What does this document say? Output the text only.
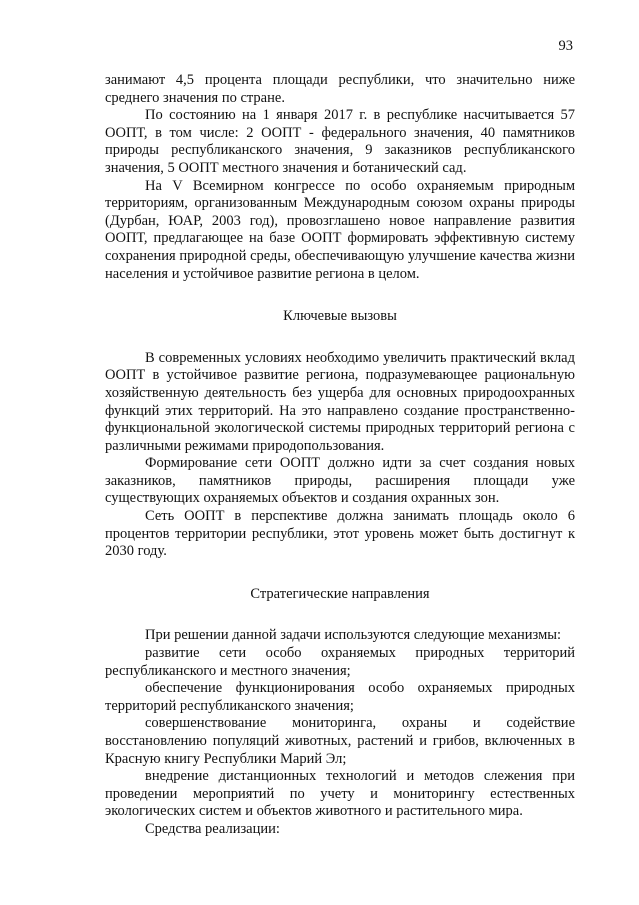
93

занимают 4,5 процента площади республики, что значительно ниже среднего значения по стране.

По состоянию на 1 января 2017 г. в республике насчитывается 57 ООПТ, в том числе: 2 ООПТ - федерального значения, 40 памятников природы республиканского значения, 9 заказников республиканского значения, 5 ООПТ местного значения и ботанический сад.

На V Всемирном конгрессе по особо охраняемым природным территориям, организованным Международным союзом охраны природы (Дурбан, ЮАР, 2003 год), провозглашено новое направление развития ООПТ, предлагающее на базе ООПТ формировать эффективную систему сохранения природной среды, обеспечивающую улучшение качества жизни населения и устойчивое развитие региона в целом.

Ключевые вызовы

В современных условиях необходимо увеличить практический вклад ООПТ в устойчивое развитие региона, подразумевающее рациональную хозяйственную деятельность без ущерба для основных природоохранных функций этих территорий. На это направлено создание пространственно-функциональной экологической системы природных территорий региона с различными режимами природопользования.

Формирование сети ООПТ должно идти за счет создания новых заказников, памятников природы, расширения площади уже существующих охраняемых объектов и создания охранных зон.

Сеть ООПТ в перспективе должна занимать площадь около 6 процентов территории республики, этот уровень может быть достигнут к 2030 году.

Стратегические направления

При решении данной задачи используются следующие механизмы:

развитие сети особо охраняемых природных территорий республиканского и местного значения;

обеспечение функционирования особо охраняемых природных территорий республиканского значения;

совершенствование мониторинга, охраны и содействие восстановлению популяций животных, растений и грибов, включенных в Красную книгу Республики Марий Эл;

внедрение дистанционных технологий и методов слежения при проведении мероприятий по учету и мониторингу естественных экологических систем и объектов животного и растительного мира.

Средства реализации:
